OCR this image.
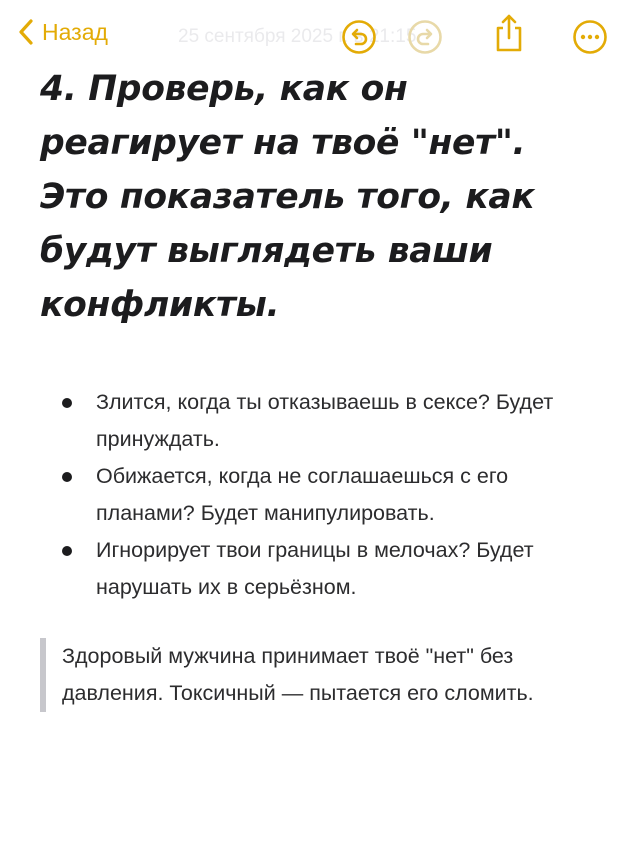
Назад	25 сентября 2025 г. в 21:15
4. Проверь, как он реагирует на твоё "нет". Это показатель того, как будут выглядеть ваши конфликты.
Злится, когда ты отказываешь в сексе? Будет принуждать.
Обижается, когда не соглашаешься с его планами? Будет манипулировать.
Игнорирует твои границы в мелочах? Будет нарушать их в серьёзном.
Здоровый мужчина принимает твоё "нет" без давления. Токсичный — пытается его сломить.
